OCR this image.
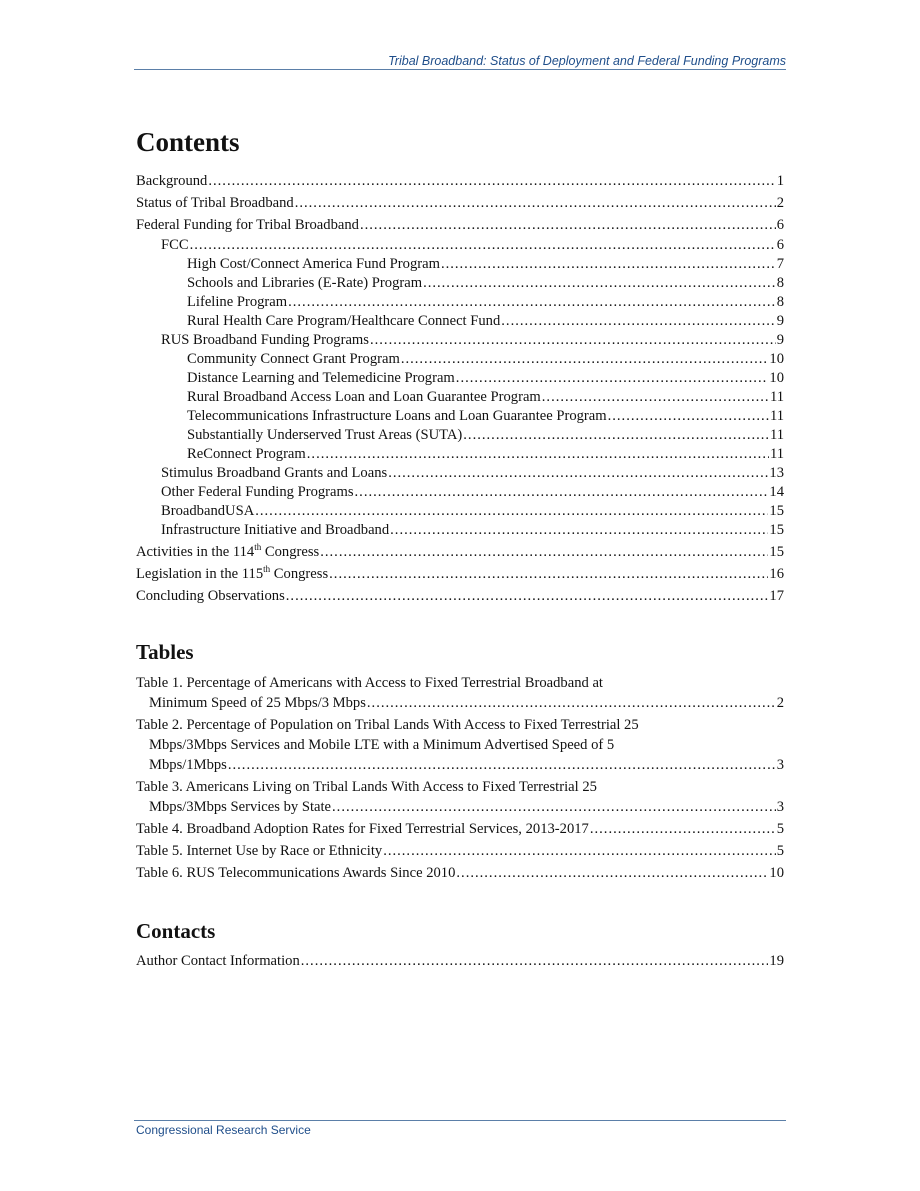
Tribal Broadband: Status of Deployment and Federal Funding Programs
Contents
Background .....	1
Status of Tribal Broadband .....	2
Federal Funding for Tribal Broadband .....	6
FCC .....	6
High Cost/Connect America Fund Program .....	7
Schools and Libraries (E-Rate) Program .....	8
Lifeline Program .....	8
Rural Health Care Program/Healthcare Connect Fund .....	9
RUS Broadband Funding Programs .....	9
Community Connect Grant Program .....	10
Distance Learning and Telemedicine Program .....	10
Rural Broadband Access Loan and Loan Guarantee Program .....	11
Telecommunications Infrastructure Loans and Loan Guarantee Program .....	11
Substantially Underserved Trust Areas (SUTA) .....	11
ReConnect Program .....	11
Stimulus Broadband Grants and Loans .....	13
Other Federal Funding Programs .....	14
BroadbandUSA .....	15
Infrastructure Initiative and Broadband .....	15
Activities in the 114th Congress .....	15
Legislation in the 115th Congress .....	16
Concluding Observations .....	17
Tables
Table 1. Percentage of Americans with Access to Fixed Terrestrial Broadband at
Minimum Speed of 25 Mbps/3 Mbps .....	2
Table 2. Percentage of Population on Tribal Lands With Access to Fixed Terrestrial 25
Mbps/3Mbps Services and Mobile LTE with a Minimum Advertised Speed of 5
Mbps/1Mbps .....	3
Table 3. Americans Living on Tribal Lands With Access to Fixed Terrestrial 25
Mbps/3Mbps Services by State .....	3
Table 4. Broadband Adoption Rates for Fixed Terrestrial Services, 2013-2017 .....	5
Table 5. Internet Use by Race or Ethnicity .....	5
Table 6. RUS Telecommunications Awards Since 2010 .....	10
Contacts
Author Contact Information .....	19
Congressional Research Service
